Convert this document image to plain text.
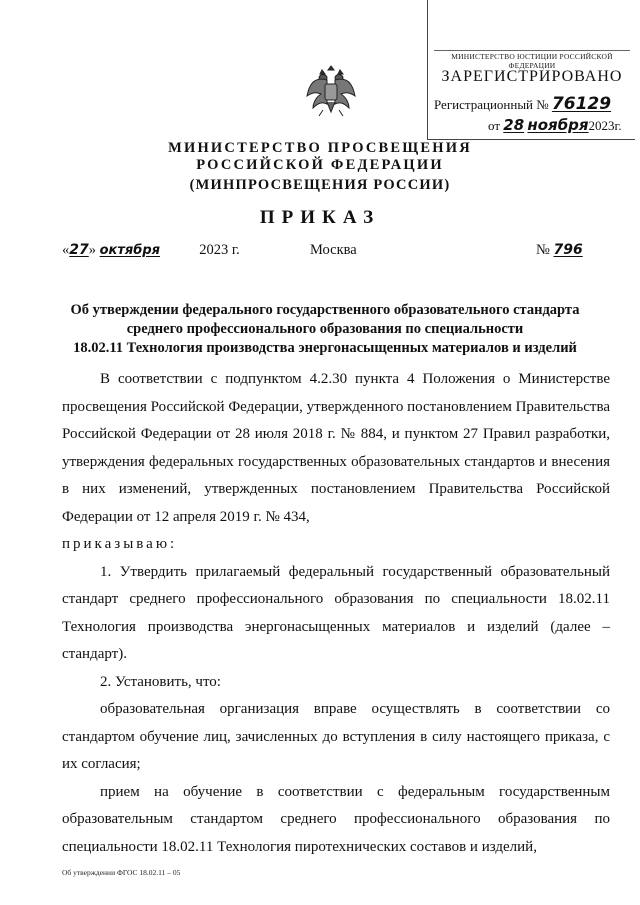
МИНИСТЕРСТВО ЮСТИЦИИ РОССИЙСКОЙ ФЕДЕРАЦИИ
ЗАРЕГИСТРИРОВАНО
Регистрационный № 76129
от 28 ноября2023г.
МИНИСТЕРСТВО ПРОСВЕЩЕНИЯ
РОССИЙСКОЙ ФЕДЕРАЦИИ
(МИНПРОСВЕЩЕНИЯ РОССИИ)
ПРИКАЗ
«27» октября	2023 г.	Москва	№ 796
Об утверждении федерального государственного образовательного стандарта
среднего профессионального образования по специальности
18.02.11 Технология производства энергонасыщенных материалов и изделий

В соответствии с подпунктом 4.2.30 пункта 4 Положения о Министерстве просвещения Российской Федерации, утвержденного постановлением Правительства Российской Федерации от 28 июля 2018 г. № 884, и пунктом 27 Правил разработки, утверждения федеральных государственных образовательных стандартов и внесения в них изменений, утвержденных постановлением Правительства Российской Федерации от 12 апреля 2019 г. № 434,

приказываю:

1. Утвердить прилагаемый федеральный государственный образовательный стандарт среднего профессионального образования по специальности 18.02.11 Технология производства энергонасыщенных материалов и изделий (далее – стандарт).

2. Установить, что:

образовательная организация вправе осуществлять в соответствии со стандартом обучение лиц, зачисленных до вступления в силу настоящего приказа, с их согласия;

прием на обучение в соответствии с федеральным государственным образовательным стандартом среднего профессионального образования по специальности 18.02.11 Технология пиротехнических составов и изделий,

Об утверждении ФГОС 18.02.11 – 05
